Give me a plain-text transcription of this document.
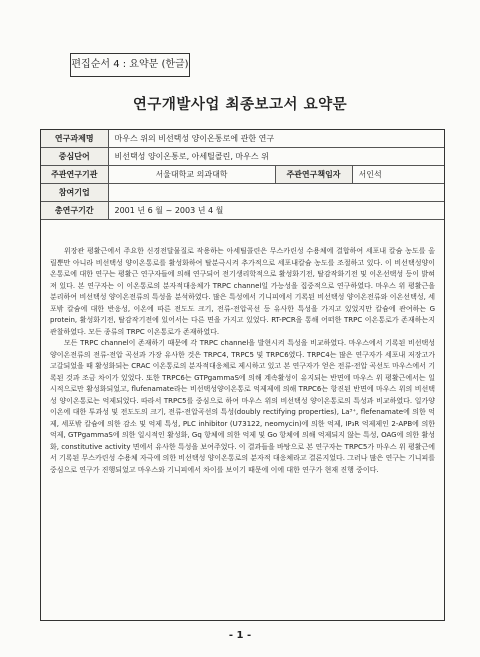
편집순서 4 : 요약문 (한글)
연구개발사업 최종보고서 요약문
연구과제명	마우스 위의 비선택성 양이온통로에 관한 연구		
중심단어	비선택성 양이온통로, 아세틸콜린, 마우스 위		
주관연구기관	서울대학교 의과대학	주관연구책임자	서인석
참여기업			
총연구기간	2001 년 6 월 ~ 2003 년 4 월		

위장관 평활근에서 주요한 신경전달물질로 작용하는 아세틸콜린은 무스카린성 수용체에 결합하여 세포내 칼슘 농도를 올릴뿐만 아니라 비선택성 양이온통로를 활성화하여 탈분극시켜 추가적으로 세포내칼슘 농도를 조절하고 있다. 이 비선택성양이온통로에 대한 연구는 평활근 연구자들에 의해 연구되어 전기생리학적으로 활성화기전, 탈감작화기전 및 이온선택성 등이 밝혀져 있다. 본 연구자는 이 이온통로의 분자적대응체가 TRPC channel일 가능성을 집중적으로 연구하였다. 마우스 위 평활근을 분리하여 비선택성 양이온전류의 특성을 분석하였다. 많은 특성에서 기니피에서 기록된 비선택성 양이온전류와 이온선택성, 세포밖 칼슘에 대한 반응성, 이온에 따른 전도도 크기, 전류-전압곡선 등 유사한 특성을 가지고 있었지만 칼슘에 관여하는 G protein, 활성화기전, 탈감작기전에 있어서는 다른 면을 가지고 있었다. RT-PCR을 통해 어떠한 TRPC 이온통로가 존재하는지 관찰하였다. 모든 종류의 TRPC 이온통로가 존재하였다.

모든 TRPC channel이 존재하기 때문에 각 TRPC channel을 발현시켜 특성을 비교하였다. 마우스에서 기록된 비선택성 양이온전류의 전류-전압 곡선과 가장 유사한 것은 TRPC4, TRPC5 및 TRPC6였다. TRPC4는 많은 연구자가 세포내 저장고가 고갈되었을 때 활성화되는 CRAC 이온통로의 분자적대응체로 제시하고 있고 본 연구자가 얻은 전류-전압 곡선도 마우스에서 기록된 것과 조금 차이가 있었다. 또한 TRPC6는 GTPgammaS에 의해 계속활성이 유지되는 반면에 마우스 위 평활근에서는 일시적으로만 활성화되었고, flufenamate라는 비선택성양이온통로 억제제에 의해 TRPC6는 항진된 반면에 마우스 위의 비선택성 양이온통로는 억제되었다. 따라서 TRPC5를 중심으로 하여 마우스 위의 비선택성 양이온통로의 특성과 비교하였다. 일가양이온에 대한 투과성 및 전도도의 크기, 전류-전압곡선의 특성(doubly rectifying properties), La³⁺, flefenamate에 의한 억제, 세포밖 칼슘에 의한 감소 및 억제 특성, PLC inhibitor (U73122, neomycin)에 의한 억제, IP₃R 억제제인 2-APB에 의한 억제, GTPgammaS에 의한 일시적인 활성화, Gq 항체에 의한 억제 및 Go 항체에 의해 억제되지 않는 특성, OAG에 의한 활성화, constitutive activity 면에서 유사한 특성을 보여주었다. 이 결과들을 바탕으로 본 연구자는 TRPC5가 마우스 위 평활근에서 기록된 무스카린성 수용체 자극에 의한 비선택성 양이온통로의 분자적 대응체라고 결론지었다. 그러나 많은 연구는 기니피를 중심으로 연구가 진행되었고 마우스와 기니피에서 차이를 보이기 때문에 이에 대한 연구가 현재 진행 중이다.

- 1 -
